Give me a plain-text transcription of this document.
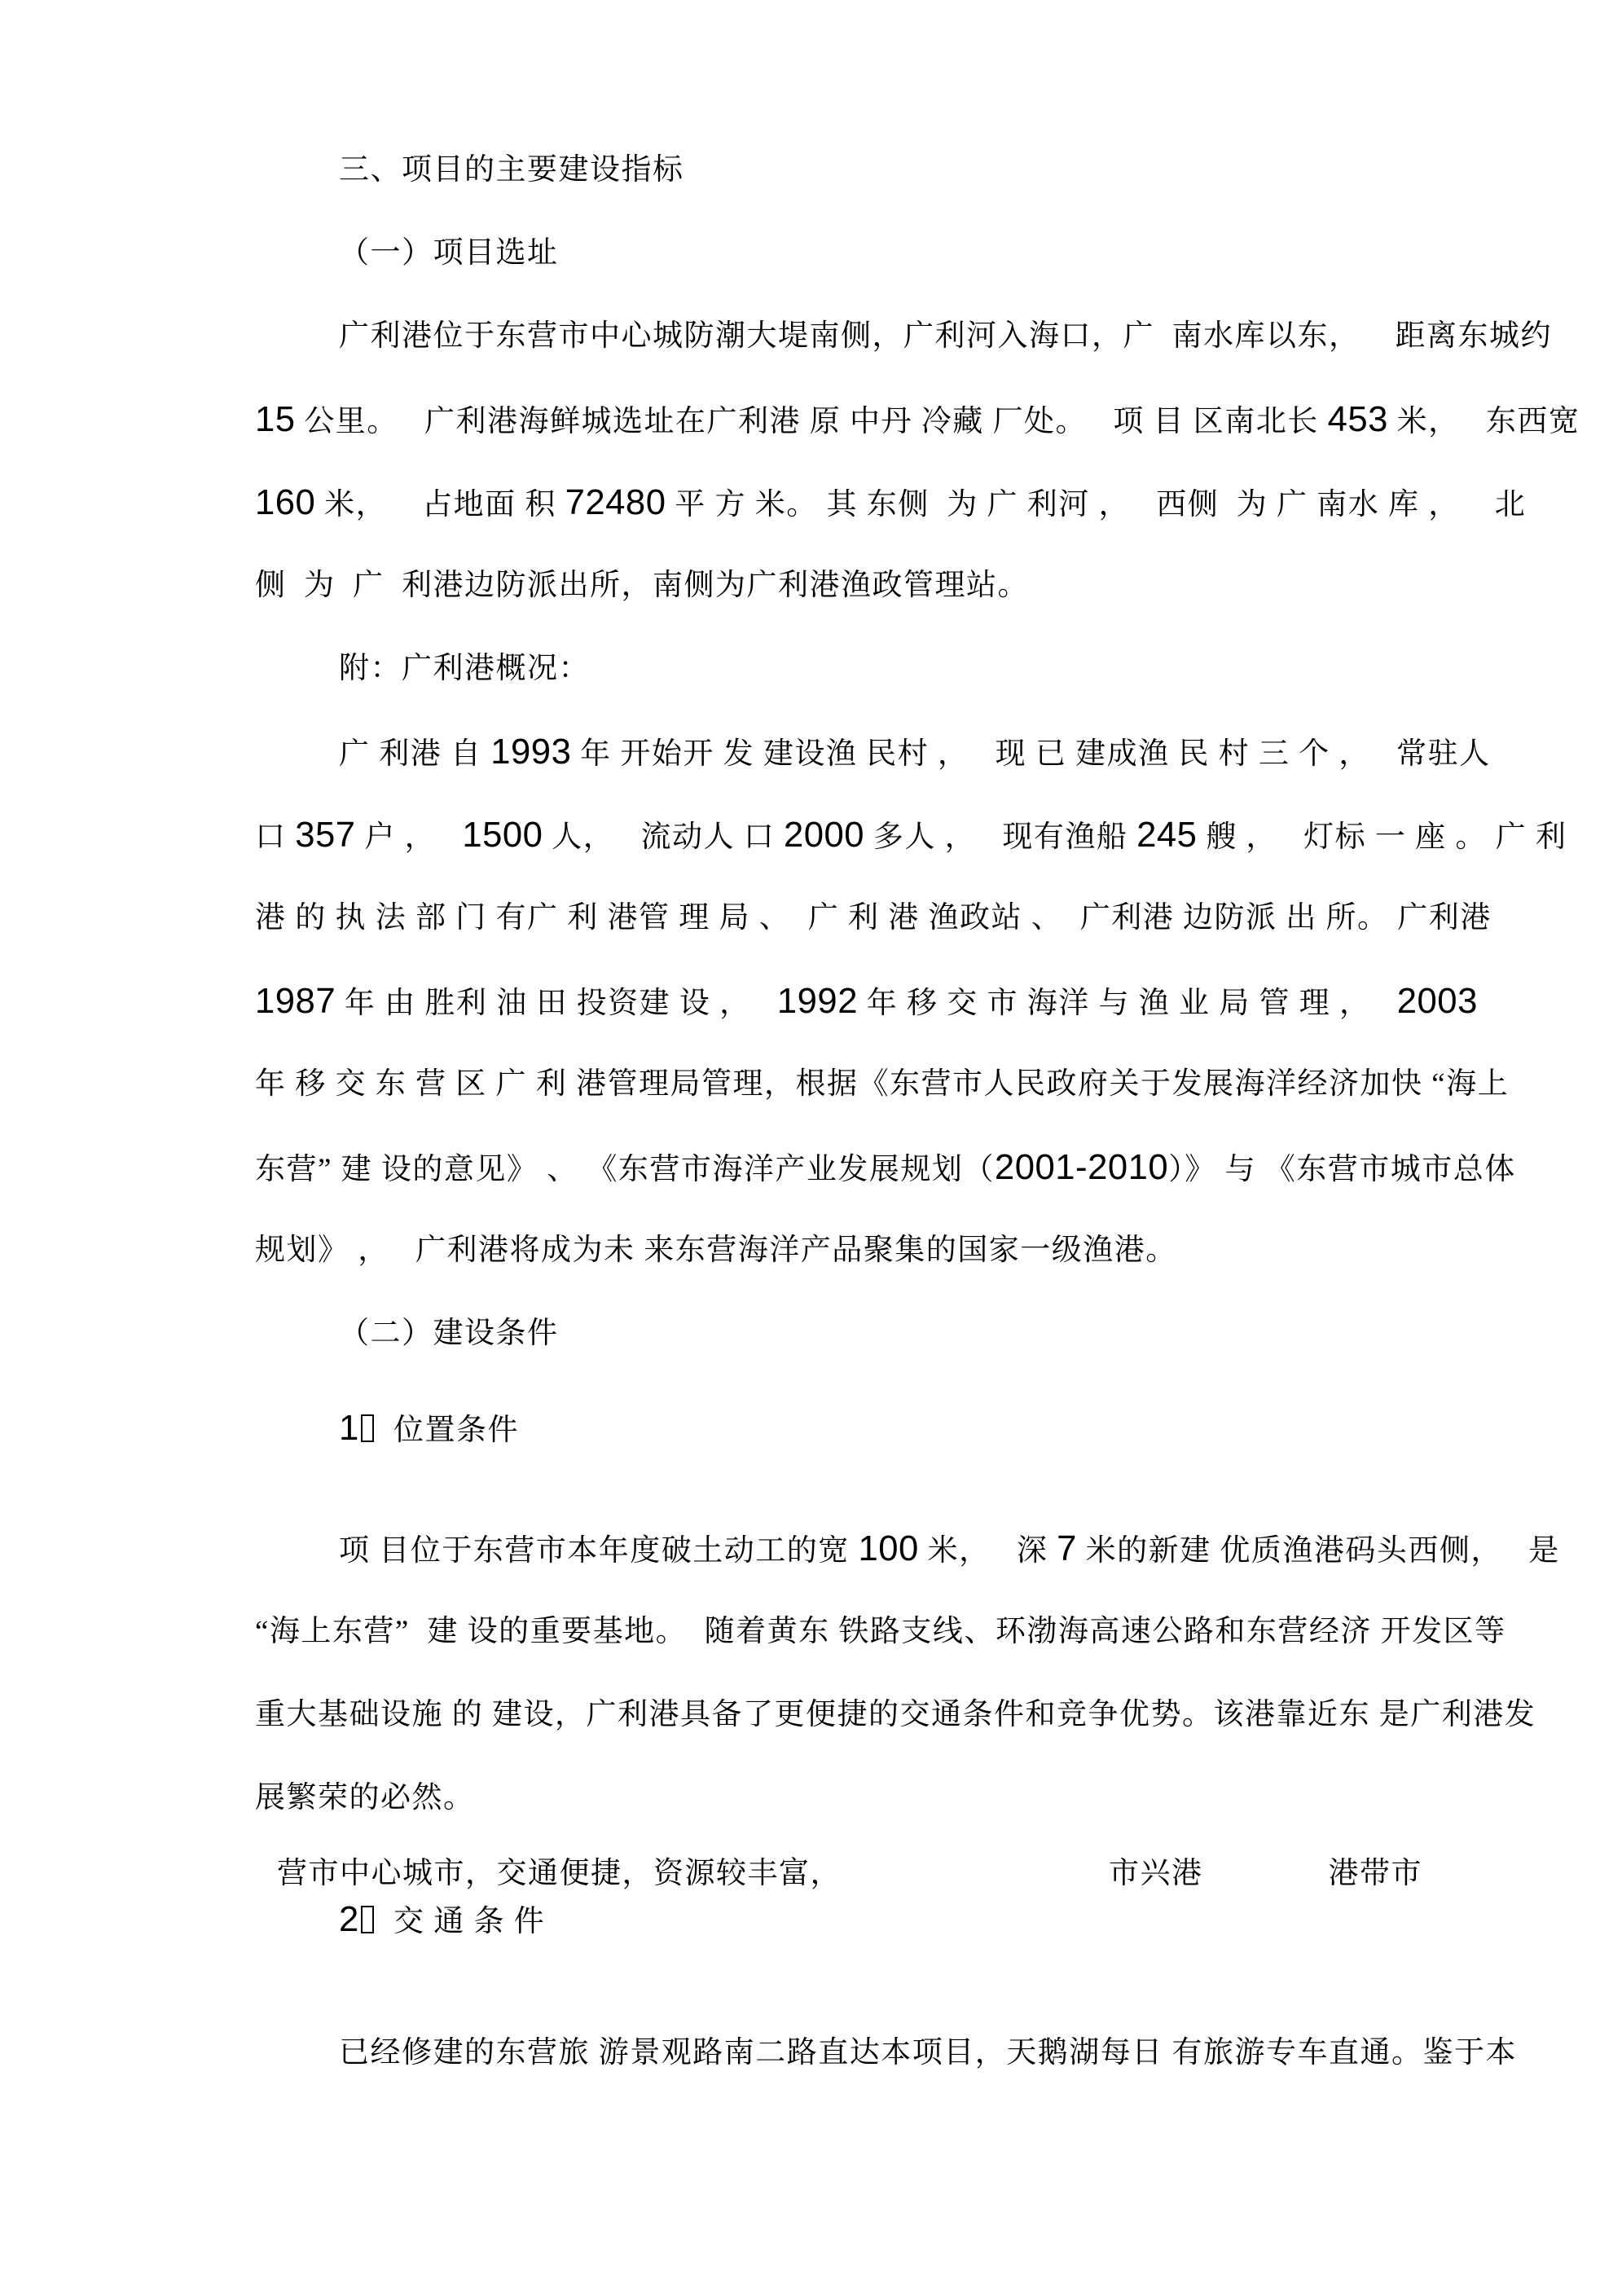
三、项目的主要建设指标
（一）项目选址
广利港位于东营市中心城防潮大堤南侧，广利河入海口，广  南水库以东，    距离东城约
15 公里。   广利港海鲜城选址在广利港 原 中丹 冷藏 厂处。   项 目 区南北长 453 米，   东西宽
160 米，    占地面 积 72480 平 方 米。 其 东侧  为 广 利河 ，   西侧  为 广 南水 库 ，    北
侧  为  广  利港边防派出所，南侧为广利港渔政管理站。
附：广利港概况：
广 利港 自 1993 年 开始开 发 建设渔 民村 ，   现 已 建成渔 民 村 三 个 ，   常驻人
口 357 户 ，   1500 人，   流动人 口 2000 多人 ，   现有渔船 245 艘 ，   灯标 一 座 。 广 利
港 的 执 法 部 门 有广 利 港管 理 局 、  广 利 港 渔政站 、  广利港 边防派 出 所。 广利港
1987 年 由 胜利 油 田 投资建 设 ，   1992 年 移 交 市 海洋 与 渔 业 局 管 理 ，   2003
年 移 交 东 营 区 广 利 港管理局管理，根据《东营市人民政府关于发展海洋经济加快 “海上
东营” 建 设的意见》 、 《东营市海洋产业发展规划（2001-2010）》 与 《东营市城市总体
规划》 ，   广利港将成为未 来东营海洋产品聚集的国家一级渔港。
（二）建设条件
1  位置条件
项 目位于东营市本年度破土动工的宽 100 米，   深 7 米的新建 优质渔港码头西侧，   是
“海上东营”  建 设的重要基地。  随着黄东 铁路支线、环渤海高速公路和东营经济 开发区等
重大基础设施 的 建设，广利港具备了更便捷的交通条件和竞争优势。该港靠近东 是广利港发
展繁荣的必然。
营市中心城市，交通便捷，资源较丰富，　　　　　　　　　市兴港　　　　港带市
2  交 通 条 件
已经修建的东营旅 游景观路南二路直达本项目，天鹅湖每日 有旅游专车直通。鉴于本
